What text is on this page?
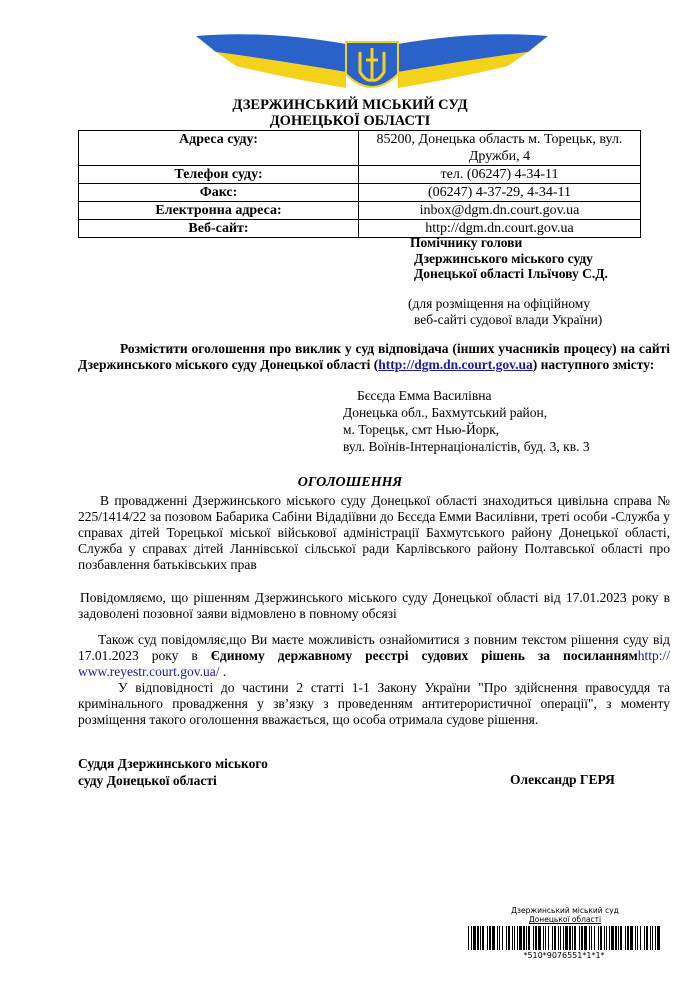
ДЗЕРЖИНСЬКИЙ МІСЬКИЙ СУД
ДОНЕЦЬКОЇ ОБЛАСТІ
Адреса суду:	85200, Донецька область м. Торецьк, вул. Дружби, 4
Телефон суду:	тел. (06247) 4-34-11
Факс:	(06247) 4-37-29, 4-34-11
Електронна адреса:	inbox@dgm.dn.court.gov.ua
Веб-сайт:	http://dgm.dn.court.gov.ua
Помічнику голови
Дзержинського міського суду
Донецької області Ільїчову С.Д.
(для розміщення на офіційному
веб-сайті судової влади України)
Розмістити оголошення про виклик у суд відповідача (інших учасників процесу) на сайті Дзержинського міського суду Донецької області (http://dgm.dn.court.gov.ua) наступного змісту:
Бєсєда Емма Василівна
Донецька обл., Бахмутський район,
м. Торецьк, смт Нью-Йорк,
вул. Воїнів-Інтернаціоналістів, буд. 3, кв. 3
ОГОЛОШЕННЯ
В провадженні Дзержинського міського суду Донецької області знаходиться цивільна справа № 225/1414/22 за позовом Бабарика Сабіни Відадіївни до Бєсєда Емми Василівни, треті особи -Служба у справах дітей Торецької міської військової адміністрації Бахмутського району Донецької області, Служба у справах дітей Ланнівської сільської ради Карлівського району Полтавської області про позбавлення батьківських прав
Повідомляємо, що рішенням Дзержинського міського суду Донецької області від 17.01.2023 року в задоволені позовної заяви відмовлено в повному обсязі
Також суд повідомляє,що Ви маєте можливість ознайомитися з повним текстом рішення суду від 17.01.2023 року в Єдиному державному реєстрі судових рішень за посиланнямhttp:// www.reyestr.court.gov.ua/ .
У відповідності до частини 2 статті 1-1 Закону України "Про здійснення правосуддя та кримінального провадження у зв’язку з проведенням антитерористичної операції", з моменту розміщення такого оголошення вважається, що особа отримала судове рішення.
Суддя Дзержинського міського
суду Донецької області	Олександр ГЕРЯ
Дзержинський міський суд
Донецької області
*510*9076551*1*1*
